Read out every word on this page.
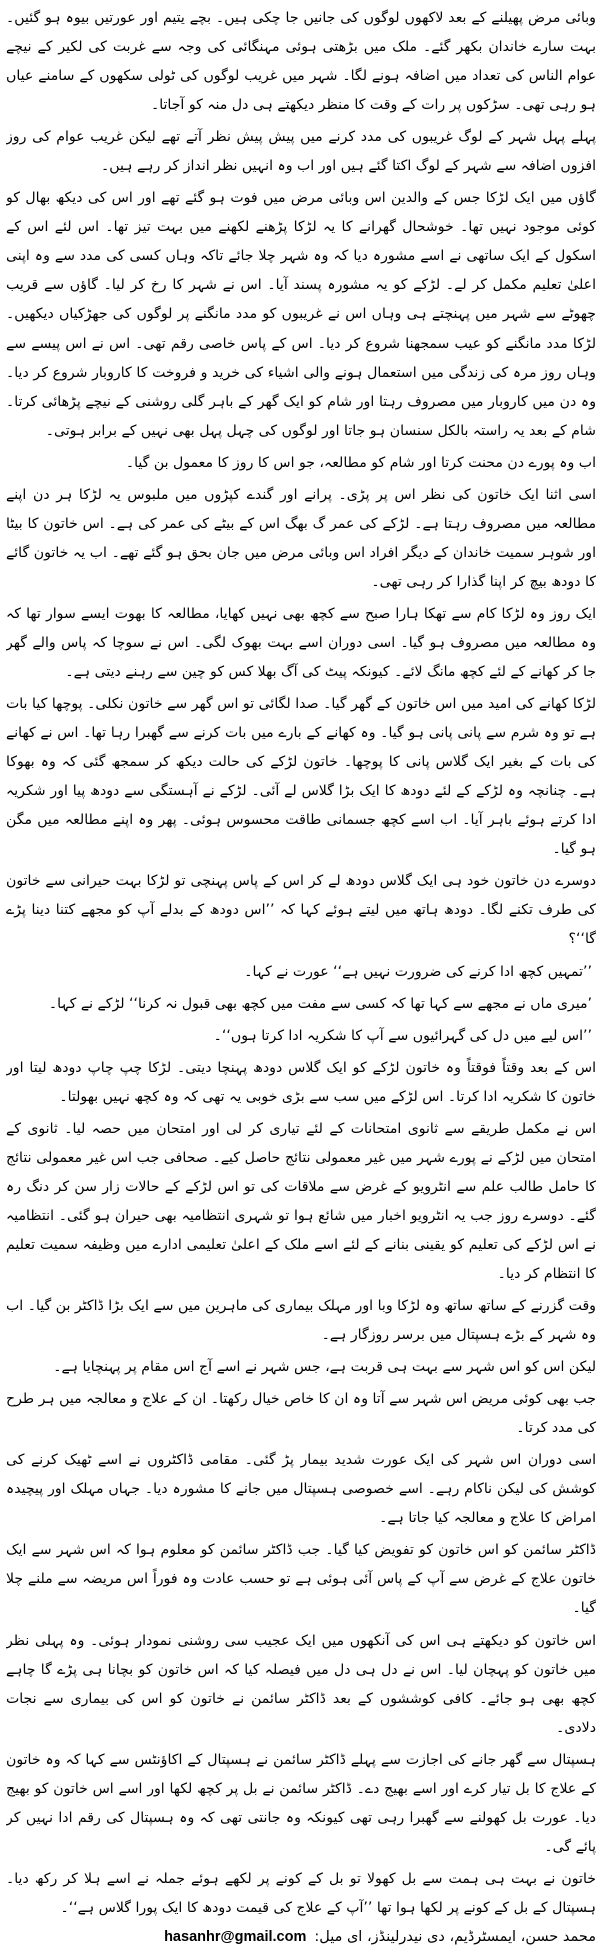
وبائی مرض پھیلنے کے بعد لاکھوں لوگوں کی جانیں جا چکی ہیں۔ بچے یتیم اور عورتیں بیوہ ہو گئیں۔ بہت سارے خاندان بکھر گئے۔ ملک میں بڑھتی ہوئی مہنگائی کی وجہ سے غربت کی لکیر کے نیچے عوام الناس کی تعداد میں اضافہ ہونے لگا۔ شہر میں غریب لوگوں کی ٹولی سکھوں کے سامنے عیاں ہو رہی تھی۔ سڑکوں پر رات کے وقت کا منظر دیکھتے ہی دل منہ کو آجاتا۔

پہلے پہل شہر کے لوگ غریبوں کی مدد کرنے میں پیش پیش نظر آتے تھے لیکن غریب عوام کی روز افزوں اضافہ سے شہر کے لوگ اکتا گئے ہیں اور اب وہ انہیں نظر انداز کر رہے ہیں۔

گاؤں میں ایک لڑکا جس کے والدین اس وبائی مرض میں فوت ہو گئے تھے اور اس کی دیکھ بھال کو کوئی موجود نہیں تھا۔ خوشحال گھرانے کا یہ لڑکا پڑھنے لکھنے میں بہت تیز تھا۔ اس لئے اس کے اسکول کے ایک ساتھی نے اسے مشورہ دیا کہ وہ شہر چلا جائے تاکہ وہاں کسی کی مدد سے وہ اپنی اعلیٰ تعلیم مکمل کر لے۔ لڑکے کو یہ مشورہ پسند آیا۔ اس نے شہر کا رخ کر لیا۔ گاؤں سے قریب چھوٹے سے شہر میں پہنچتے ہی وہاں اس نے غریبوں کو مدد مانگنے پر لوگوں کی جھڑکیاں دیکھیں۔ لڑکا مدد مانگنے کو عیب سمجھنا شروع کر دیا۔ اس کے پاس خاصی رقم تھی۔ اس نے اس پیسے سے وہاں روز مرہ کی زندگی میں استعمال ہونے والی اشیاء کی خرید و فروخت کا کاروبار شروع کر دیا۔ وہ دن میں کاروبار میں مصروف رہتا اور شام کو ایک گھر کے باہر گلی روشنی کے نیچے پڑھائی کرتا۔ شام کے بعد یہ راستہ بالکل سنسان ہو جاتا اور لوگوں کی چہل پہل بھی نہیں کے برابر ہوتی۔

اب وہ پورے دن محنت کرتا اور شام کو مطالعہ، جو اس کا روز کا معمول بن گیا۔

اسی اثنا ایک خاتون کی نظر اس پر پڑی۔ پرانے اور گندے کپڑوں میں ملبوس یہ لڑکا ہر دن اپنے مطالعہ میں مصروف رہتا ہے۔ لڑکے کی عمر گ بھگ اس کے بیٹے کی عمر کی ہے۔ اس خاتون کا بیٹا اور شوہر سمیت خاندان کے دیگر افراد اس وبائی مرض میں جان بحق ہو گئے تھے۔ اب یہ خاتون گائے کا دودھ بیچ کر اپنا گذارا کر رہی تھی۔

ایک روز وہ لڑکا کام سے تھکا ہارا صبح سے کچھ بھی نہیں کھایا، مطالعہ کا بھوت ایسے سوار تھا کہ وہ مطالعہ میں مصروف ہو گیا۔ اسی دوران اسے بہت بھوک لگی۔ اس نے سوچا کہ پاس والے گھر جا کر کھانے کے لئے کچھ مانگ لائے۔ کیونکہ پیٹ کی آگ بھلا کس کو چین سے رہنے دیتی ہے۔

لڑکا کھانے کی امید میں اس خاتون کے گھر گیا۔ صدا لگائی تو اس گھر سے خاتون نکلی۔ پوچھا کیا بات ہے تو وہ شرم سے پانی پانی ہو گیا۔ وہ کھانے کے بارے میں بات کرنے سے گھبرا رہا تھا۔ اس نے کھانے کی بات کے بغیر ایک گلاس پانی کا پوچھا۔ خاتون لڑکے کی حالت دیکھ کر سمجھ گئی کہ وہ بھوکا ہے۔ چنانچہ وہ لڑکے کے لئے دودھ کا ایک بڑا گلاس لے آئی۔ لڑکے نے آہستگی سے دودھ پیا اور شکریہ ادا کرتے ہوئے باہر آیا۔ اب اسے کچھ جسمانی طاقت محسوس ہوئی۔ پھر وہ اپنے مطالعہ میں مگن ہو گیا۔

دوسرے دن خاتون خود ہی ایک گلاس دودھ لے کر اس کے پاس پہنچی تو لڑکا بہت حیرانی سے خاتون کی طرف تکنے لگا۔ دودھ ہاتھ میں لیتے ہوئے کہا کہ ’’اس دودھ کے بدلے آپ کو مجھے کتنا دینا پڑے گا‘‘؟

’’تمہیں کچھ ادا کرنے کی ضرورت نہیں ہے‘‘ عورت نے کہا۔

’میری ماں نے مجھے سے کہا تھا کہ کسی سے مفت میں کچھ بھی قبول نہ کرنا‘‘ لڑکے نے کہا۔

’’اس لیے میں دل کی گہرائیوں سے آپ کا شکریہ ادا کرتا ہوں‘‘۔

اس کے بعد وقتاً فوقتاً وہ خاتون لڑکے کو ایک گلاس دودھ پہنچا دیتی۔ لڑکا چپ چاپ دودھ لیتا اور خاتون کا شکریہ ادا کرتا۔ اس لڑکے میں سب سے بڑی خوبی یہ تھی کہ وہ کچھ نہیں بھولتا۔

اس نے مکمل طریقے سے ثانوی امتحانات کے لئے تیاری کر لی اور امتحان میں حصہ لیا۔ ثانوی کے امتحان میں لڑکے نے پورے شہر میں غیر معمولی نتائج حاصل کیے۔ صحافی جب اس غیر معمولی نتائج کا حامل طالب علم سے انٹرویو کے غرض سے ملاقات کی تو اس لڑکے کے حالات زار سن کر دنگ رہ گئے۔ دوسرے روز جب یہ انٹرویو اخبار میں شائع ہوا تو شہری انتظامیہ بھی حیران ہو گئی۔ انتظامیہ نے اس لڑکے کی تعلیم کو یقینی بنانے کے لئے اسے ملک کے اعلیٰ تعلیمی ادارے میں وظیفہ سمیت تعلیم کا انتظام کر دیا۔

وقت گزرنے کے ساتھ ساتھ وہ لڑکا وبا اور مہلک بیماری کی ماہرین میں سے ایک بڑا ڈاکٹر بن گیا۔ اب وہ شہر کے بڑے ہسپتال میں برسر روزگار ہے۔

لیکن اس کو اس شہر سے بہت ہی قربت ہے، جس شہر نے اسے آج اس مقام پر پہنچایا ہے۔

جب بھی کوئی مریض اس شہر سے آتا وہ ان کا خاص خیال رکھتا۔ ان کے علاج و معالجہ میں ہر طرح کی مدد کرتا۔

اسی دوران اس شہر کی ایک عورت شدید بیمار پڑ گئی۔ مقامی ڈاکٹروں نے اسے ٹھیک کرنے کی کوشش کی لیکن ناکام رہے۔ اسے خصوصی ہسپتال میں جانے کا مشورہ دیا۔ جہاں مہلک اور پیچیدہ امراض کا علاج و معالجہ کیا جاتا ہے۔

ڈاکٹر سائمن کو اس خاتون کو تفویض کیا گیا۔ جب ڈاکٹر سائمن کو معلوم ہوا کہ اس شہر سے ایک خاتون علاج کے غرض سے آپ کے پاس آئی ہوئی ہے تو حسب عادت وہ فوراً اس مریضہ سے ملنے چلا گیا۔

اس خاتون کو دیکھتے ہی اس کی آنکھوں میں ایک عجیب سی روشنی نمودار ہوئی۔ وہ پہلی نظر میں خاتون کو پہچان لیا۔ اس نے دل ہی دل میں فیصلہ کیا کہ اس خاتون کو بچانا ہی پڑے گا چاہے کچھ بھی ہو جائے۔ کافی کوششوں کے بعد ڈاکٹر سائمن نے خاتون کو اس کی بیماری سے نجات دلادی۔

ہسپتال سے گھر جانے کی اجازت سے پہلے ڈاکٹر سائمن نے ہسپتال کے اکاؤنٹس سے کہا کہ وہ خاتون کے علاج کا بل تیار کرے اور اسے بھیج دے۔ ڈاکٹر سائمن نے بل پر کچھ لکھا اور اسے اس خاتون کو بھیج دیا۔ عورت بل کھولنے سے گھبرا رہی تھی کیونکہ وہ جانتی تھی کہ وہ ہسپتال کی رقم ادا نہیں کر پائے گی۔

خاتون نے بہت ہی ہمت سے بل کھولا تو بل کے کونے پر لکھے ہوئے جملہ نے اسے ہلا کر رکھ دیا۔ ہسپتال کے بل کے کونے پر لکھا ہوا تھا ’’آپ کے علاج کی قیمت دودھ کا ایک پورا گلاس ہے‘‘۔

hasanhr@gmail.com محمد حسن، ایمسٹرڈیم، دی نیدرلینڈز، ای میل:
